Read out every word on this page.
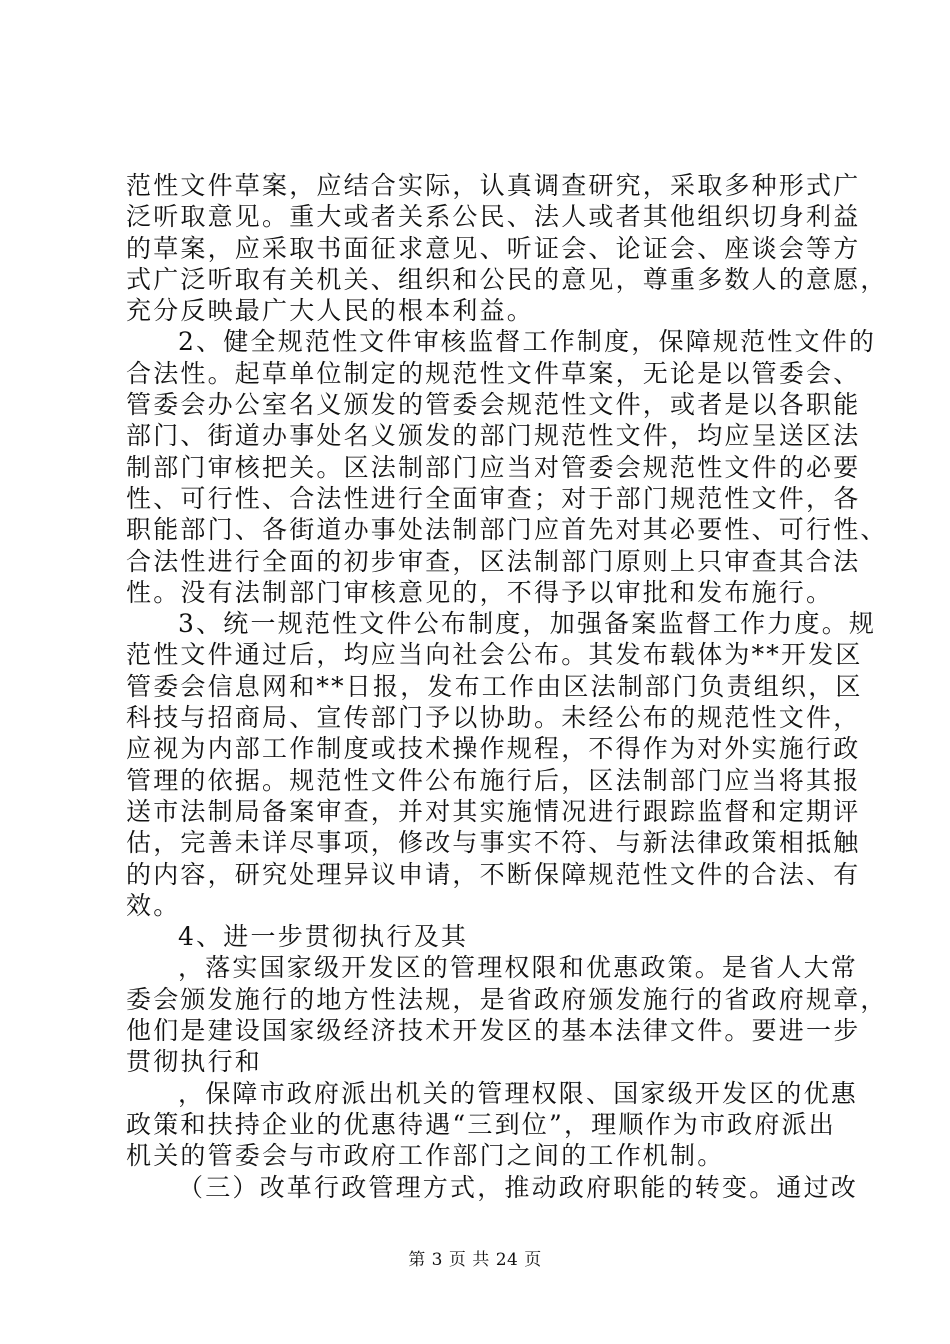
范性文件草案，应结合实际，认真调查研究，采取多种形式广
泛听取意见。重大或者关系公民、法人或者其他组织切身利益
的草案，应采取书面征求意见、听证会、论证会、座谈会等方
式广泛听取有关机关、组织和公民的意见，尊重多数人的意愿，
充分反映最广大人民的根本利益。
2、健全规范性文件审核监督工作制度，保障规范性文件的
合法性。起草单位制定的规范性文件草案，无论是以管委会、
管委会办公室名义颁发的管委会规范性文件，或者是以各职能
部门、街道办事处名义颁发的部门规范性文件，均应呈送区法
制部门审核把关。区法制部门应当对管委会规范性文件的必要
性、可行性、合法性进行全面审查；对于部门规范性文件，各
职能部门、各街道办事处法制部门应首先对其必要性、可行性、
合法性进行全面的初步审查，区法制部门原则上只审查其合法
性。没有法制部门审核意见的，不得予以审批和发布施行。
3、统一规范性文件公布制度，加强备案监督工作力度。规
范性文件通过后，均应当向社会公布。其发布载体为**开发区
管委会信息网和**日报，发布工作由区法制部门负责组织，区
科技与招商局、宣传部门予以协助。未经公布的规范性文件，
应视为内部工作制度或技术操作规程，不得作为对外实施行政
管理的依据。规范性文件公布施行后，区法制部门应当将其报
送市法制局备案审查，并对其实施情况进行跟踪监督和定期评
估，完善未详尽事项，修改与事实不符、与新法律政策相抵触
的内容，研究处理异议申请，不断保障规范性文件的合法、有
效。
4、进一步贯彻执行及其
，落实国家级开发区的管理权限和优惠政策。是省人大常
委会颁发施行的地方性法规，是省政府颁发施行的省政府规章，
他们是建设国家级经济技术开发区的基本法律文件。要进一步
贯彻执行和
，保障市政府派出机关的管理权限、国家级开发区的优惠
政策和扶持企业的优惠待遇“三到位”，理顺作为市政府派出
机关的管委会与市政府工作部门之间的工作机制。
（三）改革行政管理方式，推动政府职能的转变。通过改
第 3 页 共 24 页
